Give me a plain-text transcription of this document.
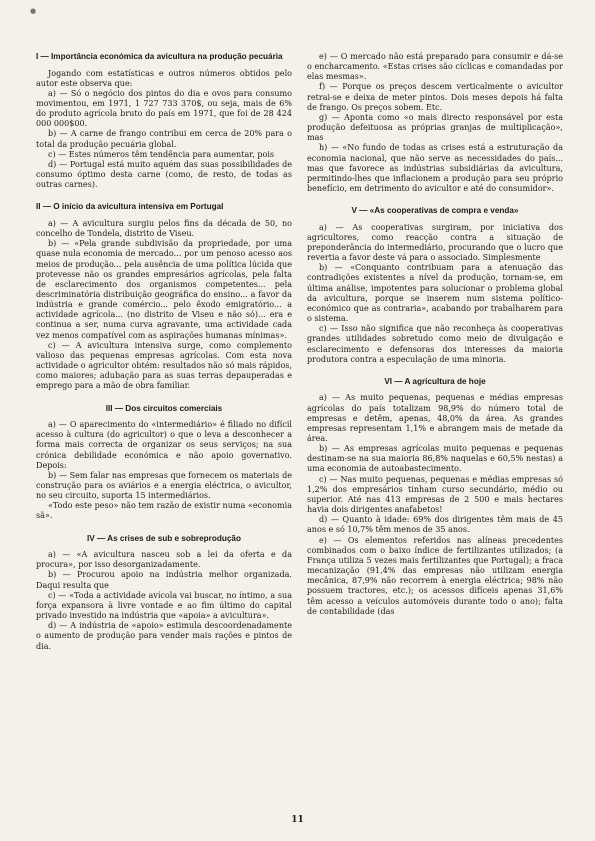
●
I — Importância económica da avicultura na produção pecuária

Jogando com estatísticas e outros números obtidos pelo autor este observa que:

a) — Só o negócio dos pintos do dia e ovos para consumo movimentou, em 1971, 1 727 733 370$, ou seja, mais de 6% do produto agrícola bruto do país em 1971, que foi de 28 424 000 000$00.

b) — A carne de frango contribui em cerca de 20% para o total da produção pecuária global.

c) — Estes números têm tendência para aumentar, pois

d) — Portugal está muito aquém das suas possibilidades de consumo óptimo desta carne (como, de resto, de todas as outras carnes).

II — O início da avicultura intensiva em Portugal

a) — A avicultura surgiu pelos fins da década de 50, no concelho de Tondela, distrito de Viseu.

b) — «Pela grande subdivisão da propriedade, por uma quase nula economia de mercado... por um penoso acesso aos meios de produção... pela ausência de uma política lúcida que protevesse não os grandes empresários agrícolas, pela falta de esclarecimento dos organismos competentes... pela descriminatória distribuição geográfica do ensino... a favor da indústria e grande comércio... pelo êxodo emigratório... a actividade agrícola... (no distrito de Viseu e não só)... era e continua a ser, numa curva agravante, uma actividade cada vez menos compatível com as aspirações humanas mínimas».

c) — A avicultura intensiva surge, como complemento valioso das pequenas empresas agrícolas. Com esta nova actividade o agricultor obtém: resultados não só mais rápidos, como maiores; adubação para as suas terras depauperadas e emprego para a mão de obra familiar.

III — Dos circuitos comerciais

a) — O aparecimento do «intermediário» é filiado no difícil acesso à cultura (do agricultor) o que o leva a desconhecer a forma mais correcta de organizar os seus serviços; na sua crónica debilidade económica e não apoio governativo. Depois:

b) — Sem falar nas empresas que fornecem os materiais de construção para os aviários e a energia eléctrica, o avicultor, no seu circuito, suporta 15 intermediários.

«Todo este peso» não tem razão de existir numa «economia sã».

IV — As crises de sub e sobreprodução

a) — «A avicultura nasceu sob a lei da oferta e da procura», por isso desorganizadamente.

b) — Procurou apoio na indústria melhor organizada. Daqui resulta que

c) — «Toda a actividade avícola vai buscar, no íntimo, a sua força expansora à livre vontade e ao fim último do capital privado investido na indústria que «apoia» a avicultura».

d) — A indústria de «apoio» estimula descoordenadamente o aumento de produção para vender mais rações e pintos de dia.

e) — O mercado não está preparado para consumir e dá-se o encharcamento. «Estas crises são cíclicas e comandadas por elas mesmas».

f) — Porque os preços descem verticalmente o avicultor retrai-se e deixa de meter pintos. Dois meses depois há falta de frango. Os preços sobem. Etc.

g) — Aponta como «o mais directo responsável por esta produção defeituosa as próprias granjas de multiplicação», mas

h) — «No fundo de todas as crises está a estruturação da economia nacional, que não serve as necessidades do país... mas que favorece as indústrias subsidiárias da avicultura, permitindo-lhes que inflacionem a produção para seu próprio benefício, em detrimento do avicultor e até do consumidor».

V — «As cooperativas de compra e venda»

a) — As cooperativas surgiram, por iniciativa dos agricultores, como reacção contra a situação de preponderância do intermediário, procurando que o lucro que revertia a favor deste vá para o associado. Simplesmente

b) — «Conquanto contribuam para a atenuação das contradições existentes a nível da produção, tornam-se, em última análise, impotentes para solucionar o problema global da avicultura, porque se inserem num sistema político-económico que as contraria», acabando por trabalharem para o sistema.

c) — Isso não significa que não reconheça às cooperativas grandes utilidades sobretudo como meio de divulgação e esclarecimento e defensoras dos interesses da maioria produtora contra a especulação de uma minoria.

VI — A agricultura de hoje

a) — As muito pequenas, pequenas e médias empresas agrícolas do país totalizam 98,9% do número total de empresas e detêm, apenas, 48,0% da área. As grandes empresas representam 1,1% e abrangem mais de metade da área.

b) — As empresas agrícolas muito pequenas e pequenas destinam-se na sua maioria 86,8% naquelas e 60,5% nestas) a uma economia de autoabastecimento.

c) — Nas muito pequenas, pequenas e médias empresas só 1,2% dos empresários tinham curso secundário, médio ou superior. Até nas 413 empresas de 2 500 e mais hectares havia dois dirigentes anafabetos!

d) — Quanto à idade: 69% dos dirigentes têm mais de 45 anos e só 10,7% têm menos de 35 anos.

e) — Os elementos referidos nas alíneas precedentes combinados com o baixo índice de fertilizantes utilizados; (a França utiliza 5 vezes mais fertilizantes que Portugal); a fraca mecanização (91,4% das empresas não utilizam energia mecânica, 87,9% não recorrem à energia eléctrica; 98% não possuem tractores, etc.); os acessos difíceis apenas 31,6% têm acesso a veículos automóveis durante todo o ano); falta de contabilidade (das

11
